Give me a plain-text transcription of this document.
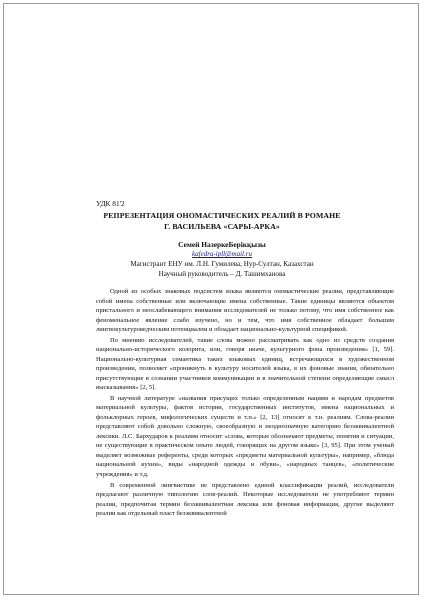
УДК 81'2
РЕПРЕЗЕНТАЦИЯ ОНОМАСТИЧЕСКИХ РЕАЛИЙ В РОМАНЕ
Г. ВАСИЛЬЕВА «САРЫ-АРКА»
Семей НазеркеБерікқызы
kafedra-ipll@mail.ru
Магистрант ЕНУ им. Л.Н. Гумилева, Нур-Султан, Казахстан
Научный руководитель – Д. Ташимханова

Одной из особых знаковых подсистем языка являются ономастические реалии, представляющие собой имена собственные или включающие имена собственные. Такие единицы являются объектом пристального и неослабевающего внимания исследователей не только потому, что имя собственное как феноменальное явление слабо изучено, но и тем, что имя собственное обладает большим лингвокультуроведческим потенциалом и обладает национально-культурной спецификой.

По мнению исследователей, такие слова можно рассматривать как одно из средств создания национально-исторического колорита, или, говоря иначе, культурного фона произведения» [1, 59]. Национально-культурная семантика таких языковых единиц, встречающихся в художественном произведении, позволяет «проникнуть в культуру носителей языка, в их фоновые знания, обязательно присутствующие в сознании участников коммуникации и в значительной степени определяющие смысл высказывания» [2, 5].

В научной литературе «названия присущих только определенным нациям и народам предметов материальной культуры, фактов истории, государственных институтов, имена национальных и фольклорных героев, мифологических существ и т.п.» [2, 13] относят к т.н. реалиям. Слова-реалии представляют собой довольно сложную, своеобразную и неоднозначную категорию безэквивалентной лексики. Л.С. Бархударов к реалиям относит «слова, которые обозначают предметы, понятия и ситуации, не существующие в практическом опыте людей, говорящих на другом языке» [3, 95]. При этом ученый выделяет возможные референты, среди которых «предметы материальной культуры», например, «блюда национальной кухни», виды «народной одежды и обуви», «народных танцев», «политические учреждения» и т.д.

В современной лингвистике не представлено единой классификации реалий, исследователи предлагают различную типологию слов-реалий. Некоторые исследователи не употребляют термин реалии, предпочитая термин безэквивалентная лексика или фоновая информация, другие выделяют реалии как отдельный пласт безэквивалентной
